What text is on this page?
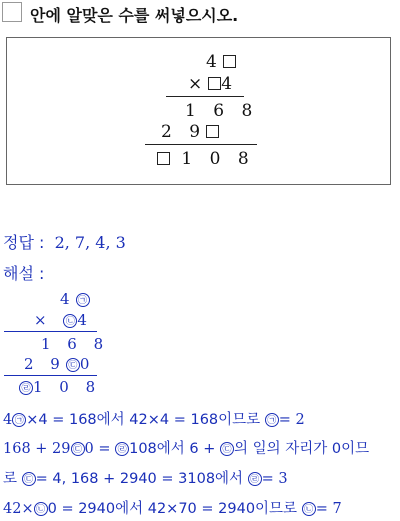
안에 알맞은 수를 써넣으시오.
4
× 4
1 6 8
2 9
1 0 8
정답 : 2, 7, 4, 3
해설 :
4 ㉠
× ㉡ 4
1 6 8
2 9 ㉢ 0
㉣ 1 0 8
4 ㉠ ×4 = 168에서 42×4 = 168이므로 ㉠ = 2
168 + 29 ㉢ 0 = ㉣ 108에서 6 + ㉢ 의 일의 자리가 0이므
로 ㉢ = 4, 168 + 2940 = 3108에서 ㉣ = 3
42× ㉡ 0 = 2940에서 42×70 = 2940이므로 ㉡ = 7
